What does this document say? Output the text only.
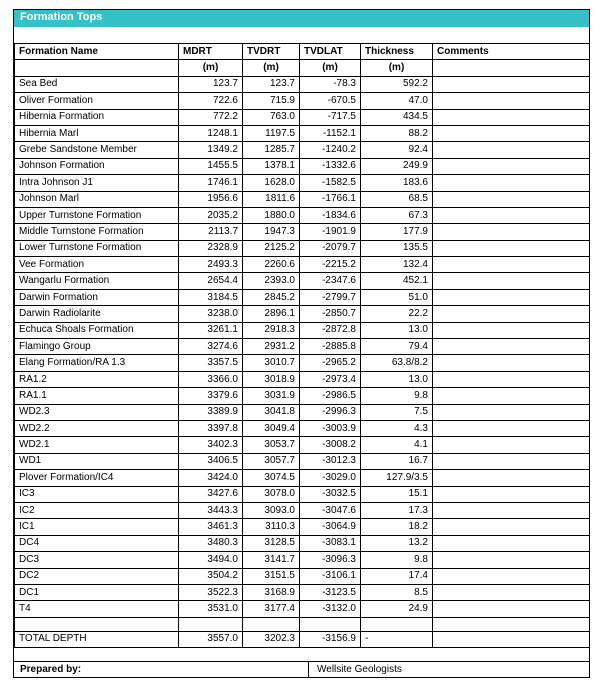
Formation Tops
Formation Name	MDRT	TVDRT	TVDLAT	Thickness	Comments
	(m)	(m)	(m)	(m)	
Sea Bed	123.7	123.7	-78.3	592.2	
Oliver Formation	722.6	715.9	-670.5	47.0	
Hibernia Formation	772.2	763.0	-717.5	434.5	
Hibernia Marl	1248.1	1197.5	-1152.1	88.2	
Grebe Sandstone Member	1349.2	1285.7	-1240.2	92.4	
Johnson Formation	1455.5	1378.1	-1332.6	249.9	
Intra Johnson J1	1746.1	1628.0	-1582.5	183.6	
Johnson Marl	1956.6	1811.6	-1766.1	68.5	
Upper Turnstone Formation	2035.2	1880.0	-1834.6	67.3	
Middle Turnstone Formation	2113.7	1947.3	-1901.9	177.9	
Lower Turnstone Formation	2328.9	2125.2	-2079.7	135.5	
Vee Formation	2493.3	2260.6	-2215.2	132.4	
Wangarlu Formation	2654.4	2393.0	-2347.6	452.1	
Darwin Formation	3184.5	2845.2	-2799.7	51.0	
Darwin Radiolarite	3238.0	2896.1	-2850.7	22.2	
Echuca Shoals Formation	3261.1	2918.3	-2872.8	13.0	
Flamingo Group	3274.6	2931.2	-2885.8	79.4	
Elang Formation/RA 1.3	3357.5	3010.7	-2965.2	63.8/8.2	
RA1.2	3366.0	3018.9	-2973.4	13.0	
RA1.1	3379.6	3031.9	-2986.5	9.8	
WD2.3	3389.9	3041.8	-2996.3	7.5	
WD2.2	3397.8	3049.4	-3003.9	4.3	
WD2.1	3402.3	3053.7	-3008.2	4.1	
WD1	3406.5	3057.7	-3012.3	16.7	
Plover Formation/IC4	3424.0	3074.5	-3029.0	127.9/3.5	
IC3	3427.6	3078.0	-3032.5	15.1	
IC2	3443.3	3093.0	-3047.6	17.3	
IC1	3461.3	3110.3	-3064.9	18.2	
DC4	3480.3	3128.5	-3083.1	13.2	
DC3	3494.0	3141.7	-3096.3	9.8	
DC2	3504.2	3151.5	-3106.1	17.4	
DC1	3522.3	3168.9	-3123.5	8.5	
T4	3531.0	3177.4	-3132.0	24.9	

TOTAL DEPTH	3557.0	3202.3	-3156.9	-	
Prepared by:	Wellsite Geologists
